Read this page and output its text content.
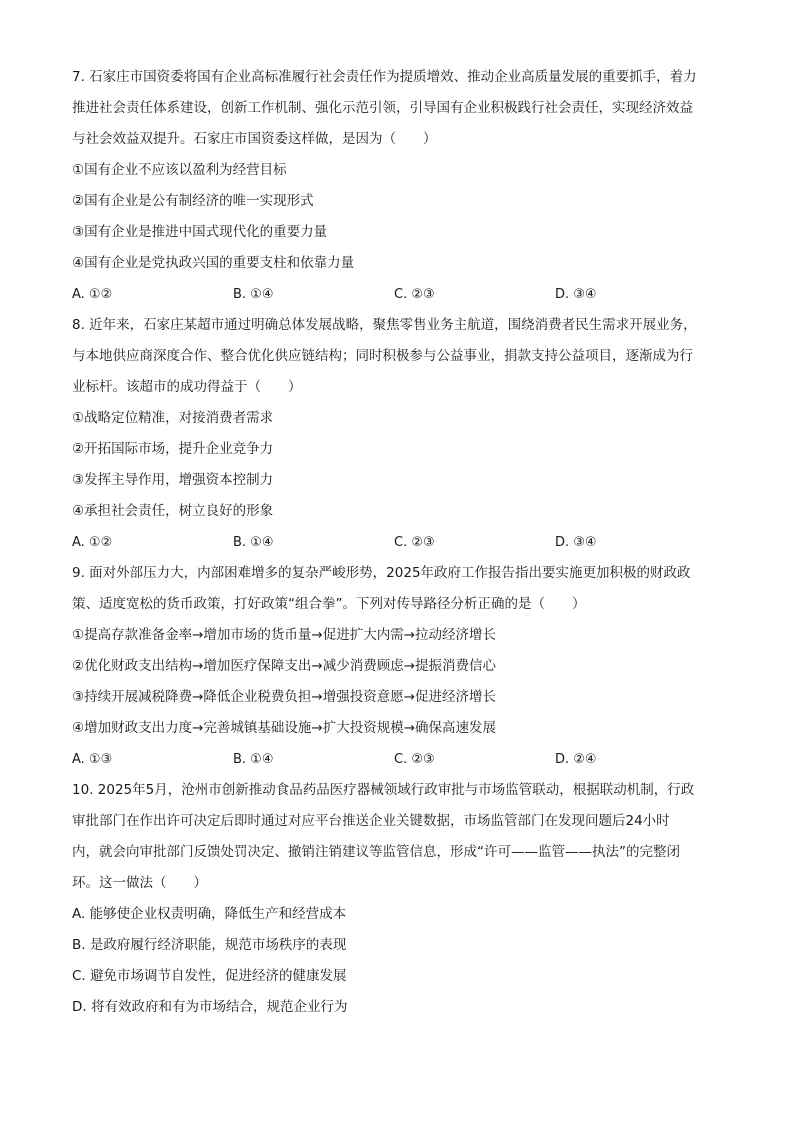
7. 石家庄市国资委将国有企业高标准履行社会责任作为提质增效、推动企业高质量发展的重要抓手，着力
推进社会责任体系建设，创新工作机制、强化示范引领，引导国有企业积极践行社会责任，实现经济效益
与社会效益双提升。石家庄市国资委这样做，是因为（　　）
①国有企业不应该以盈利为经营目标
②国有企业是公有制经济的唯一实现形式
③国有企业是推进中国式现代化的重要力量
④国有企业是党执政兴国的重要支柱和依靠力量
A. ①②	B. ①④	C. ②③	D. ③④
8. 近年来，石家庄某超市通过明确总体发展战略，聚焦零售业务主航道，围绕消费者民生需求开展业务，
与本地供应商深度合作、整合优化供应链结构；同时积极参与公益事业，捐款支持公益项目，逐渐成为行
业标杆。该超市的成功得益于（　　）
①战略定位精准，对接消费者需求
②开拓国际市场，提升企业竞争力
③发挥主导作用，增强资本控制力
④承担社会责任，树立良好的形象
A. ①②	B. ①④	C. ②③	D. ③④
9. 面对外部压力大，内部困难增多的复杂严峻形势，2025年政府工作报告指出要实施更加积极的财政政
策、适度宽松的货币政策，打好政策“组合拳”。下列对传导路径分析正确的是（　　）
①提高存款准备金率→增加市场的货币量→促进扩大内需→拉动经济增长
②优化财政支出结构→增加医疗保障支出→减少消费顾虑→提振消费信心
③持续开展减税降费→降低企业税费负担→增强投资意愿→促进经济增长
④增加财政支出力度→完善城镇基础设施→扩大投资规模→确保高速发展
A. ①③	B. ①④	C. ②③	D. ②④
10. 2025年5月，沧州市创新推动食品药品医疗器械领域行政审批与市场监管联动，根据联动机制，行政
审批部门在作出许可决定后即时通过对应平台推送企业关键数据，市场监管部门在发现问题后24小时
内，就会向审批部门反馈处罚决定、撤销注销建议等监管信息，形成“许可——监管——执法”的完整闭
环。这一做法（　　）
A. 能够使企业权责明确，降低生产和经营成本
B. 是政府履行经济职能，规范市场秩序的表现
C. 避免市场调节自发性，促进经济的健康发展
D. 将有效政府和有为市场结合，规范企业行为
